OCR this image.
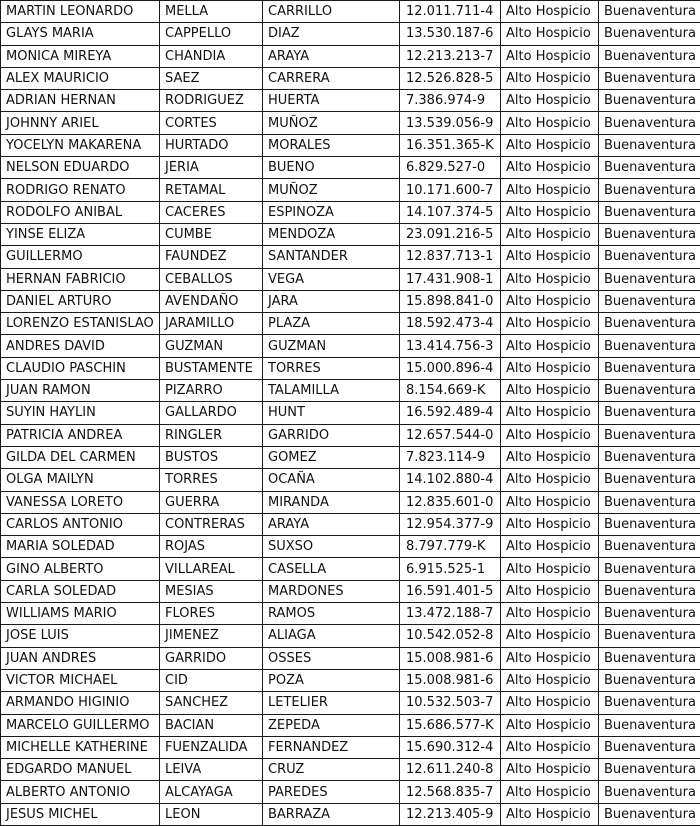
MARTIN LEONARDO	MELLA	CARRILLO	12.011.711-4	Alto Hospicio	Buenaventura
GLAYS MARIA	CAPPELLO	DIAZ	13.530.187-6	Alto Hospicio	Buenaventura
MONICA MIREYA	CHANDIA	ARAYA	12.213.213-7	Alto Hospicio	Buenaventura
ALEX MAURICIO	SAEZ	CARRERA	12.526.828-5	Alto Hospicio	Buenaventura
ADRIAN HERNAN	RODRIGUEZ	HUERTA	7.386.974-9	Alto Hospicio	Buenaventura
JOHNNY ARIEL	CORTES	MUÑOZ	13.539.056-9	Alto Hospicio	Buenaventura
YOCELYN MAKARENA	HURTADO	MORALES	16.351.365-K	Alto Hospicio	Buenaventura
NELSON EDUARDO	JERIA	BUENO	6.829.527-0	Alto Hospicio	Buenaventura
RODRIGO RENATO	RETAMAL	MUÑOZ	10.171.600-7	Alto Hospicio	Buenaventura
RODOLFO ANIBAL	CACERES	ESPINOZA	14.107.374-5	Alto Hospicio	Buenaventura
YINSE ELIZA	CUMBE	MENDOZA	23.091.216-5	Alto Hospicio	Buenaventura
GUILLERMO	FAUNDEZ	SANTANDER	12.837.713-1	Alto Hospicio	Buenaventura
HERNAN FABRICIO	CEBALLOS	VEGA	17.431.908-1	Alto Hospicio	Buenaventura
DANIEL ARTURO	AVENDAÑO	JARA	15.898.841-0	Alto Hospicio	Buenaventura
LORENZO ESTANISLAO	JARAMILLO	PLAZA	18.592.473-4	Alto Hospicio	Buenaventura
ANDRES DAVID	GUZMAN	GUZMAN	13.414.756-3	Alto Hospicio	Buenaventura
CLAUDIO PASCHIN	BUSTAMENTE	TORRES	15.000.896-4	Alto Hospicio	Buenaventura
JUAN RAMON	PIZARRO	TALAMILLA	8.154.669-K	Alto Hospicio	Buenaventura
SUYIN HAYLIN	GALLARDO	HUNT	16.592.489-4	Alto Hospicio	Buenaventura
PATRICIA ANDREA	RINGLER	GARRIDO	12.657.544-0	Alto Hospicio	Buenaventura
GILDA DEL CARMEN	BUSTOS	GOMEZ	7.823.114-9	Alto Hospicio	Buenaventura
OLGA MAILYN	TORRES	OCAÑA	14.102.880-4	Alto Hospicio	Buenaventura
VANESSA LORETO	GUERRA	MIRANDA	12.835.601-0	Alto Hospicio	Buenaventura
CARLOS ANTONIO	CONTRERAS	ARAYA	12.954.377-9	Alto Hospicio	Buenaventura
MARIA SOLEDAD	ROJAS	SUXSO	8.797.779-K	Alto Hospicio	Buenaventura
GINO ALBERTO	VILLAREAL	CASELLA	6.915.525-1	Alto Hospicio	Buenaventura
CARLA SOLEDAD	MESIAS	MARDONES	16.591.401-5	Alto Hospicio	Buenaventura
WILLIAMS MARIO	FLORES	RAMOS	13.472.188-7	Alto Hospicio	Buenaventura
JOSE LUIS	JIMENEZ	ALIAGA	10.542.052-8	Alto Hospicio	Buenaventura
JUAN ANDRES	GARRIDO	OSSES	15.008.981-6	Alto Hospicio	Buenaventura
VICTOR MICHAEL	CID	POZA	15.008.981-6	Alto Hospicio	Buenaventura
ARMANDO HIGINIO	SANCHEZ	LETELIER	10.532.503-7	Alto Hospicio	Buenaventura
MARCELO GUILLERMO	BACIAN	ZEPEDA	15.686.577-K	Alto Hospicio	Buenaventura
MICHELLE KATHERINE	FUENZALIDA	FERNANDEZ	15.690.312-4	Alto Hospicio	Buenaventura
EDGARDO MANUEL	LEIVA	CRUZ	12.611.240-8	Alto Hospicio	Buenaventura
ALBERTO ANTONIO	ALCAYAGA	PAREDES	12.568.835-7	Alto Hospicio	Buenaventura
JESUS MICHEL	LEON	BARRAZA	12.213.405-9	Alto Hospicio	Buenaventura
